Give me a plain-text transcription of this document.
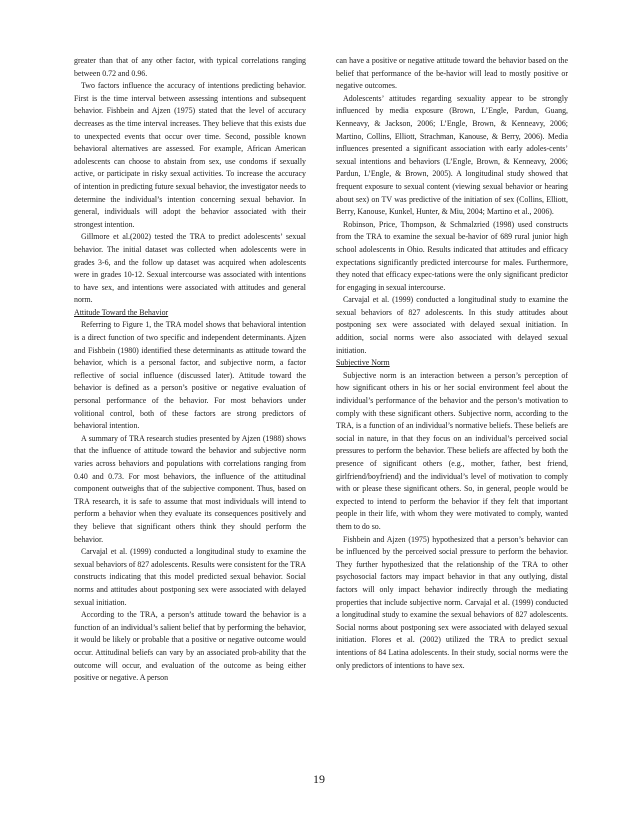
greater than that of any other factor, with typical correlations ranging between 0.72 and 0.96.

Two factors influence the accuracy of intentions predicting behavior. First is the time interval between assessing intentions and subsequent behavior. Fishbein and Ajzen (1975) stated that the level of accuracy decreases as the time interval increases. They believe that this exists due to unexpected events that occur over time. Second, possible known behavioral alternatives are assessed. For example, African American adolescents can choose to abstain from sex, use condoms if sexually active, or participate in risky sexual activities. To increase the accuracy of intention in predicting future sexual behavior, the investigator needs to determine the individual’s intention concerning sexual behavior. In general, individuals will adopt the behavior associated with their strongest intention.

Gillmore et al.(2002) tested the TRA to predict adolescents’ sexual behavior. The initial dataset was collected when adolescents were in grades 3-6, and the follow up dataset was acquired when adolescents were in grades 10-12. Sexual intercourse was associated with intentions to have sex, and intentions were associated with attitudes and general norm.

Attitude Toward the Behavior

Referring to Figure 1, the TRA model shows that behavioral intention is a direct function of two specific and independent determinants. Ajzen and Fishbein (1980) identified these determinants as attitude toward the behavior, which is a personal factor, and subjective norm, a factor reflective of social influence (discussed later). Attitude toward the behavior is defined as a person’s positive or negative evaluation of personal performance of the behavior. For most behaviors under volitional control, both of these factors are strong predictors of behavioral intention.

A summary of TRA research studies presented by Ajzen (1988) shows that the influence of attitude toward the behavior and subjective norm varies across behaviors and populations with correlations ranging from 0.40 and 0.73. For most behaviors, the influence of the attitudinal component outweighs that of the subjective component. Thus, based on TRA research, it is safe to assume that most individuals will intend to perform a behavior when they evaluate its consequences positively and they believe that significant others think they should perform the behavior.

Carvajal et al. (1999) conducted a longitudinal study to examine the sexual behaviors of 827 adolescents. Results were consistent for the TRA constructs indicating that this model predicted sexual behavior. Social norms and attitudes about postponing sex were associated with delayed sexual initiation.

According to the TRA, a person’s attitude toward the behavior is a function of an individual’s salient belief that by performing the behavior, it would be likely or probable that a positive or negative outcome would occur. Attitudinal beliefs can vary by an associated prob-ability that the outcome will occur, and evaluation of the outcome as being either positive or negative. A person

can have a positive or negative attitude toward the behavior based on the belief that performance of the be-havior will lead to mostly positive or negative outcomes.

Adolescents’ attitudes regarding sexuality appear to be strongly influenced by media exposure (Brown, L’Engle, Pardun, Guang, Kenneavy, & Jackson, 2006; L’Engle, Brown, & Kenneavy, 2006; Martino, Collins, Elliott, Strachman, Kanouse, & Berry, 2006). Media influences presented a significant association with early adoles-cents’ sexual intentions and behaviors (L’Engle, Brown, & Kenneavy, 2006; Pardun, L’Engle, & Brown, 2005). A longitudinal study showed that frequent exposure to sexual content (viewing sexual behavior or hearing about sex) on TV was predictive of the initiation of sex (Collins, Elliott, Berry, Kanouse, Kunkel, Hunter, & Miu, 2004; Martino et al., 2006).

Robinson, Price, Thompson, & Schmalzried (1998) used constructs from the TRA to examine the sexual be-havior of 689 rural junior high school adolescents in Ohio. Results indicated that attitudes and efficacy expectations significantly predicted intercourse for males. Furthermore, they noted that efficacy expec-tations were the only significant predictor for engaging in sexual intercourse.

Carvajal et al. (1999) conducted a longitudinal study to examine the sexual behaviors of 827 adolescents. In this study attitudes about postponing sex were associated with delayed sexual initiation. In addition, social norms were also associated with delayed sexual initiation.

Subjective Norm

Subjective norm is an interaction between a person’s perception of how significant others in his or her social environment feel about the individual’s performance of the behavior and the person’s motivation to comply with these significant others. Subjective norm, according to the TRA, is a function of an individual’s normative beliefs. These beliefs are social in nature, in that they focus on an individual’s perceived social pressures to perform the behavior. These beliefs are affected by both the presence of significant others (e.g., mother, father, best friend, girlfriend/boyfriend) and the individual’s level of motivation to comply with or please these significant others. So, in general, people would be expected to intend to perform the behavior if they felt that important people in their life, with whom they were motivated to comply, wanted them to do so.

Fishbein and Ajzen (1975) hypothesized that a person’s behavior can be influenced by the perceived social pressure to perform the behavior. They further hypothesized that the relationship of the TRA to other psychosocial factors may impact behavior in that any outlying, distal factors will only impact behavior indirectly through the mediating properties that include subjective norm. Carvajal et al. (1999) conducted a longitudinal study to examine the sexual behaviors of 827 adolescents. Social norms about postponing sex were associated with delayed sexual initiation. Flores et al. (2002) utilized the TRA to predict sexual intentions of 84 Latina adolescents. In their study, social norms were the only predictors of intentions to have sex.

19
